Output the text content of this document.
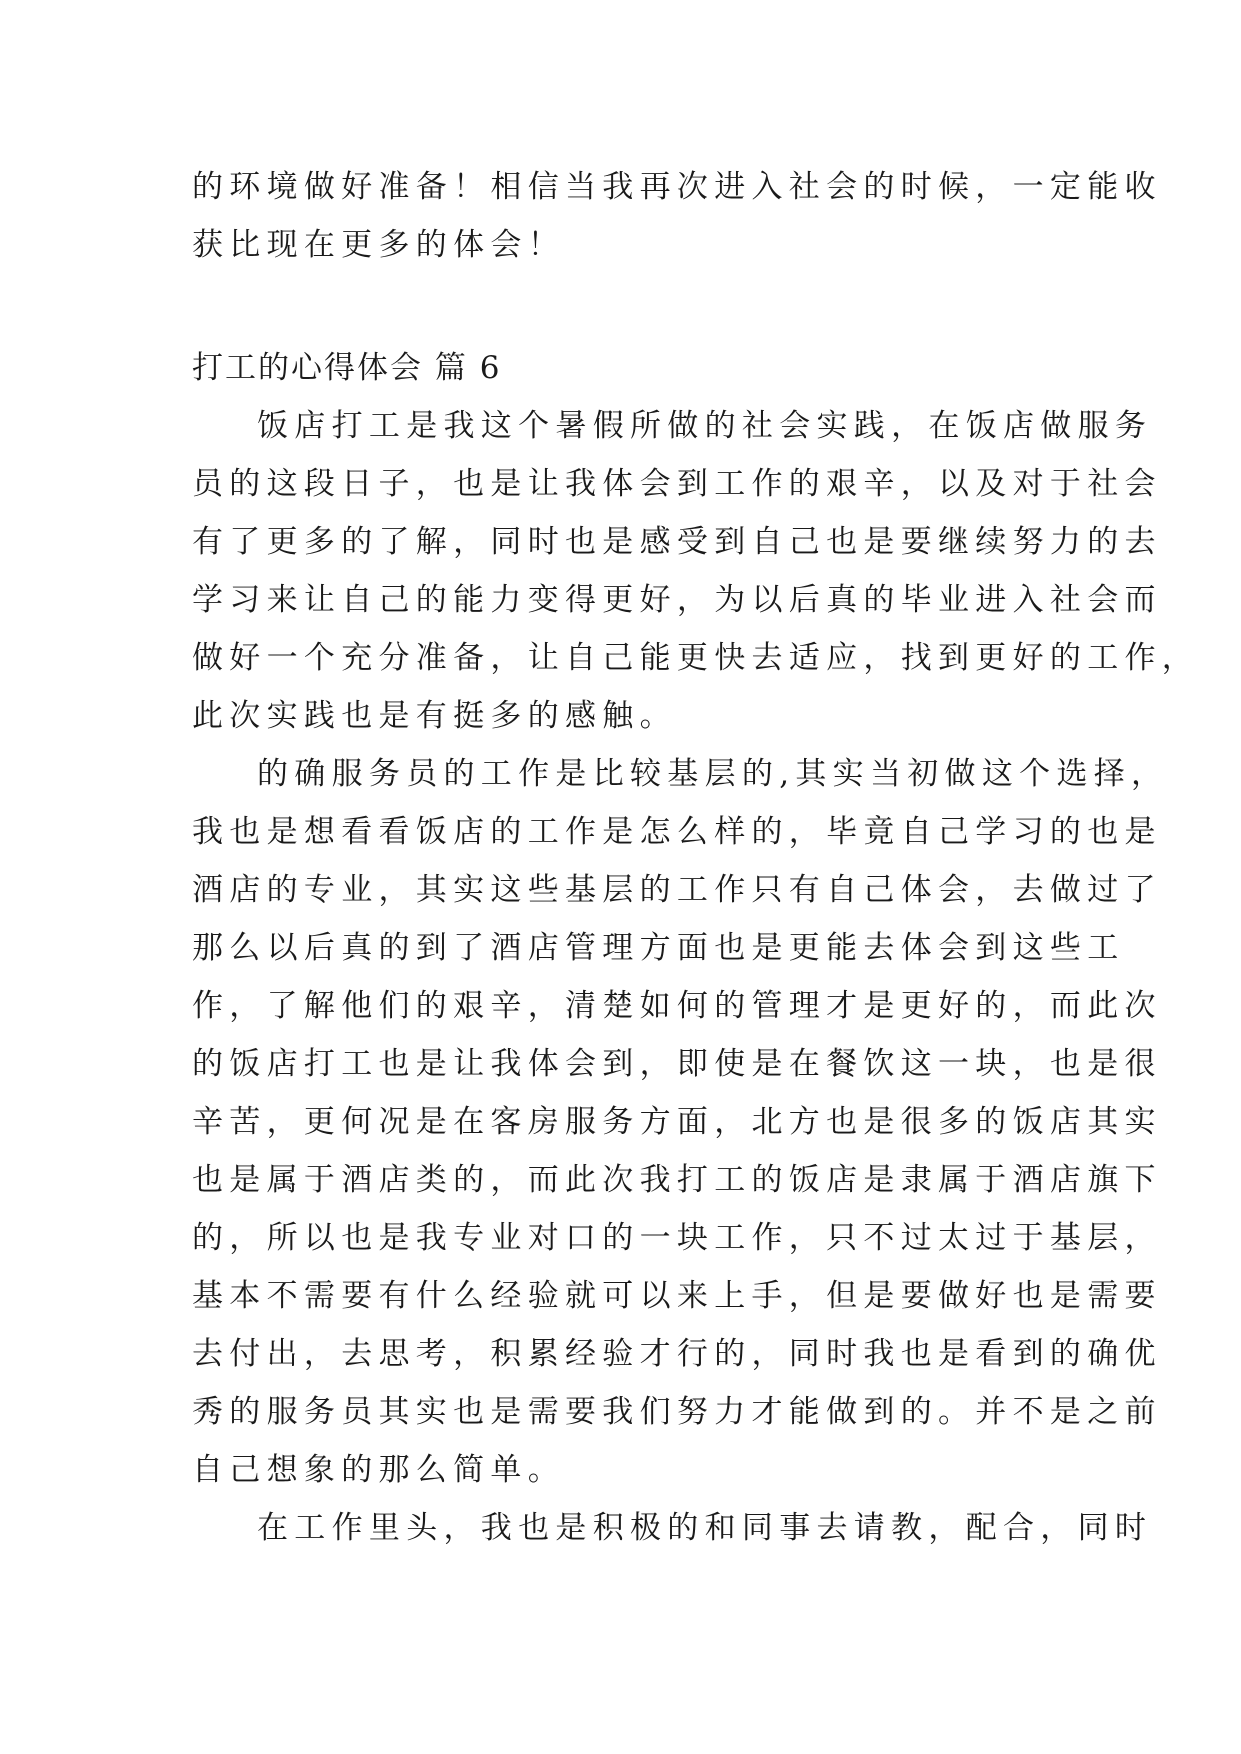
的环境做好准备！相信当我再次进入社会的时候，一定能收
获比现在更多的体会！

打工的心得体会 篇 6

饭店打工是我这个暑假所做的社会实践，在饭店做服务
员的这段日子，也是让我体会到工作的艰辛，以及对于社会
有了更多的了解，同时也是感受到自己也是要继续努力的去
学习来让自己的能力变得更好，为以后真的毕业进入社会而
做好一个充分准备，让自己能更快去适应，找到更好的工作，
此次实践也是有挺多的感触。

的确服务员的工作是比较基层的,其实当初做这个选择，
我也是想看看饭店的工作是怎么样的，毕竟自己学习的也是
酒店的专业，其实这些基层的工作只有自己体会，去做过了
那么以后真的到了酒店管理方面也是更能去体会到这些工
作，了解他们的艰辛，清楚如何的管理才是更好的，而此次
的饭店打工也是让我体会到，即使是在餐饮这一块，也是很
辛苦，更何况是在客房服务方面，北方也是很多的饭店其实
也是属于酒店类的，而此次我打工的饭店是隶属于酒店旗下
的，所以也是我专业对口的一块工作，只不过太过于基层，
基本不需要有什么经验就可以来上手，但是要做好也是需要
去付出，去思考，积累经验才行的，同时我也是看到的确优
秀的服务员其实也是需要我们努力才能做到的。并不是之前
自己想象的那么简单。

在工作里头，我也是积极的和同事去请教，配合，同时
